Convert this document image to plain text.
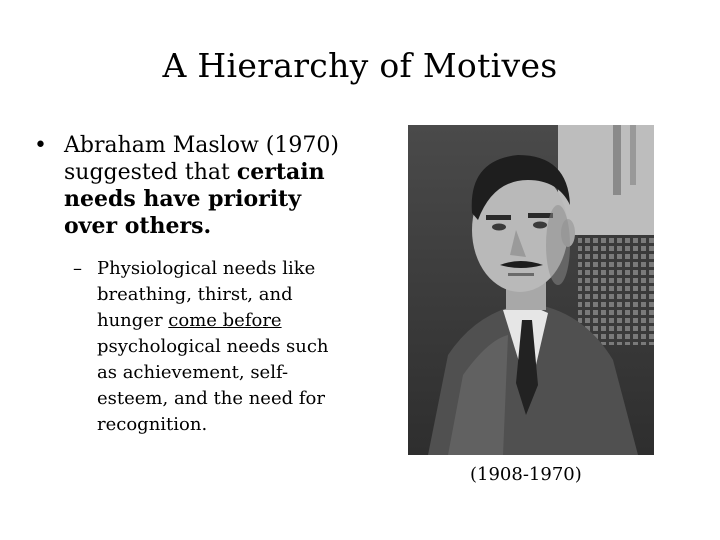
A Hierarchy of Motives
• Abraham Maslow (1970) suggested that certain needs have priority over others.
– Physiological needs like breathing, thirst, and hunger come before psychological needs such as achievement, self-esteem, and the need for recognition.
(1908-1970)
